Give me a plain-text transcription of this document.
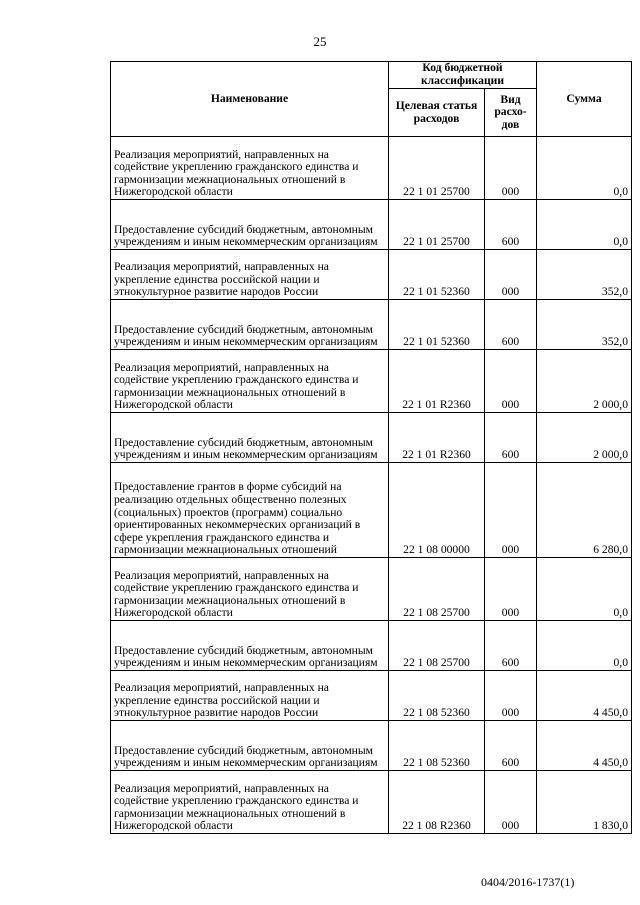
25
Наименование	Код бюджетной классификации		Сумма
	Целевая статья расходов	Вид расхо-дов	
Реализация мероприятий, направленных на содействие укреплению гражданского единства и гармонизации межнациональных отношений в Нижегородской области	22 1 01 25700	000	0,0
Предоставление субсидий бюджетным, автономным учреждениям и иным некоммерческим организациям	22 1 01 25700	600	0,0
Реализация мероприятий, направленных на укрепление единства российской нации и этнокультурное развитие народов России	22 1 01 52360	000	352,0
Предоставление субсидий бюджетным, автономным учреждениям и иным некоммерческим организациям	22 1 01 52360	600	352,0
Реализация мероприятий, направленных на содействие укреплению гражданского единства и гармонизации межнациональных отношений в Нижегородской области	22 1 01 R2360	000	2 000,0
Предоставление субсидий бюджетным, автономным учреждениям и иным некоммерческим организациям	22 1 01 R2360	600	2 000,0
Предоставление грантов в форме субсидий на реализацию отдельных общественно полезных (социальных) проектов (программ) социально ориентированных некоммерческих организаций в сфере укрепления гражданского единства и гармонизации межнациональных отношений	22 1 08 00000	000	6 280,0
Реализация мероприятий, направленных на содействие укреплению гражданского единства и гармонизации межнациональных отношений в Нижегородской области	22 1 08 25700	000	0,0
Предоставление субсидий бюджетным, автономным учреждениям и иным некоммерческим организациям	22 1 08 25700	600	0,0
Реализация мероприятий, направленных на укрепление единства российской нации и этнокультурное развитие народов России	22 1 08 52360	000	4 450,0
Предоставление субсидий бюджетным, автономным учреждениям и иным некоммерческим организациям	22 1 08 52360	600	4 450,0
Реализация мероприятий, направленных на содействие укреплению гражданского единства и гармонизации межнациональных отношений в Нижегородской области	22 1 08 R2360	000	1 830,0
0404/2016-1737(1)
